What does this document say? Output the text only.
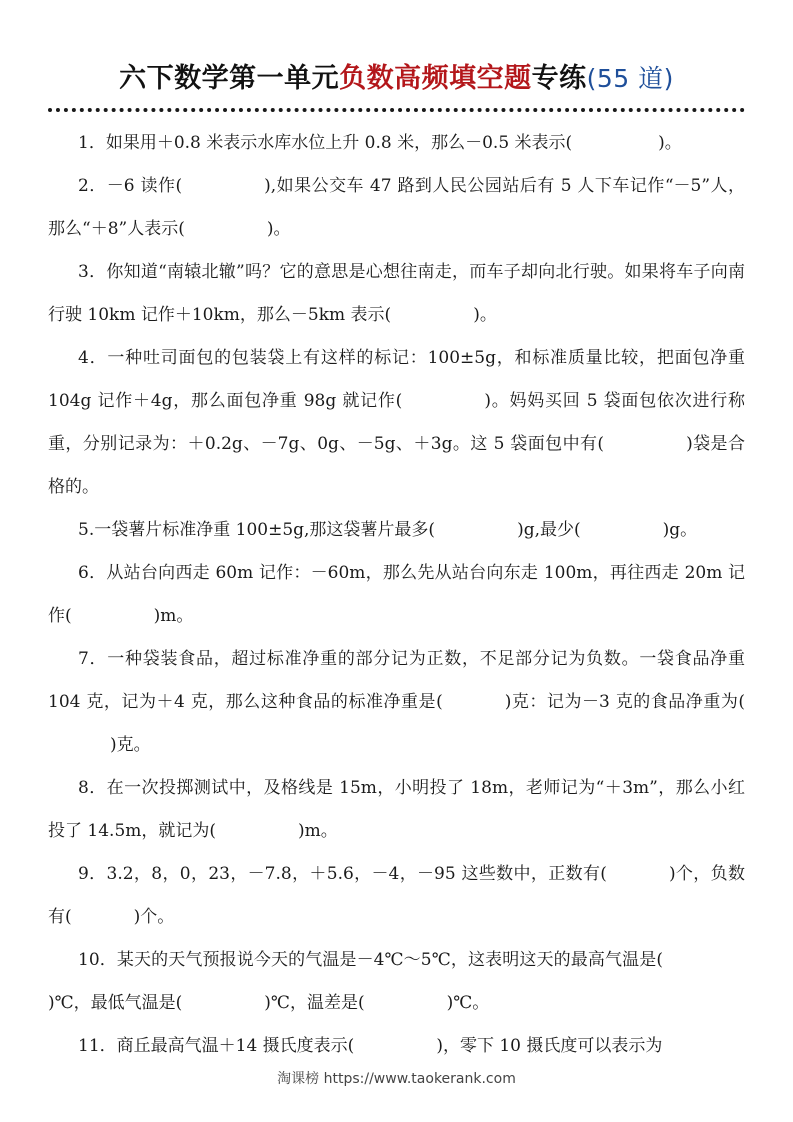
六下数学第一单元负数高频填空题专练(55 道)

1．如果用＋0.8 米表示水库水位上升 0.8 米，那么－0.5 米表示(	)。

2．－6 读作(	),如果公交车 47 路到人民公园站后有 5 人下车记作“－5”人，那么“＋8”人表示(	)。

3．你知道“南辕北辙”吗？它的意思是心想往南走，而车子却向北行驶。如果将车子向南行驶 10km 记作＋10km，那么－5km 表示(	)。

4．一种吐司面包的包装袋上有这样的标记：100±5g，和标准质量比较，把面包净重 104g 记作＋4g，那么面包净重 98g 就记作(	)。妈妈买回 5 袋面包依次进行称重，分别记录为：＋0.2g、－7g、0g、－5g、＋3g。这 5 袋面包中有(	)袋是合格的。

5.一袋薯片标准净重 100±5g,那这袋薯片最多(	)g,最少(	)g。

6．从站台向西走 60m 记作：－60m，那么先从站台向东走 100m，再往西走 20m 记作(	)m。

7．一种袋装食品，超过标准净重的部分记为正数，不足部分记为负数。一袋食品净重 104 克，记为＋4 克，那么这种食品的标准净重是(	)克：记为－3 克的食品净重为()克。

8．在一次投掷测试中，及格线是 15m，小明投了 18m，老师记为“＋3m”，那么小红投了 14.5m，就记为(	)m。

9．3.2，8，0，23，－7.8，＋5.6，－4，－95 这些数中，正数有(	)个，负数有(	)个。

10．某天的天气预报说今天的气温是－4℃～5℃，这表明这天的最高气温是()℃，最低气温是(	)℃，温差是(	)℃。

11．商丘最高气温＋14 摄氏度表示(	)，零下 10 摄氏度可以表示为

淘课榜 https://www.taokerank.com
